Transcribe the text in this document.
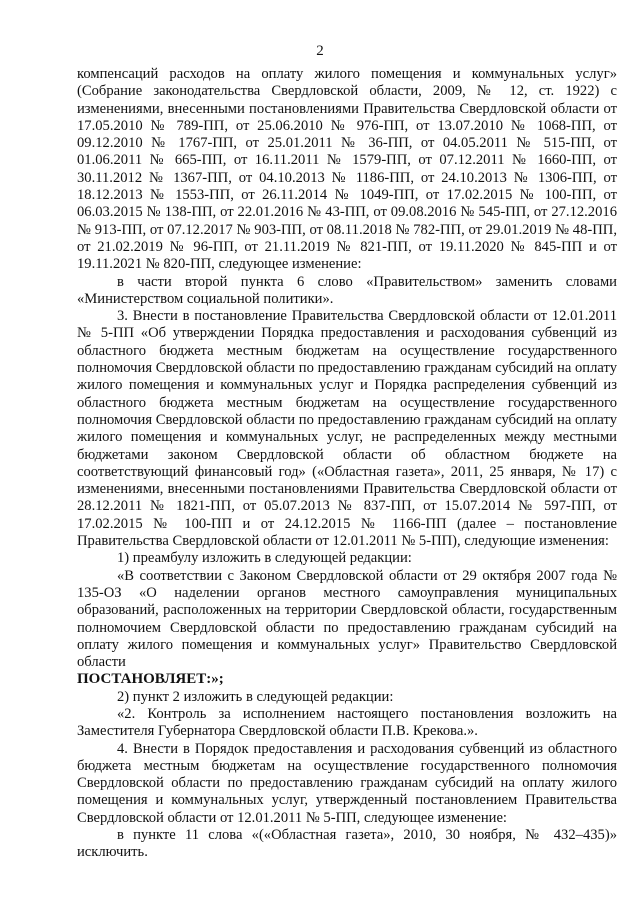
2

компенсаций расходов на оплату жилого помещения и коммунальных услуг» (Собрание законодательства Свердловской области, 2009, № 12, ст. 1922) с изменениями, внесенными постановлениями Правительства Свердловской области от 17.05.2010 № 789-ПП, от 25.06.2010 № 976-ПП, от 13.07.2010 № 1068-ПП, от 09.12.2010 № 1767-ПП, от 25.01.2011 № 36-ПП, от 04.05.2011 № 515-ПП, от 01.06.2011 № 665-ПП, от 16.11.2011 № 1579-ПП, от 07.12.2011 № 1660-ПП, от 30.11.2012 № 1367-ПП, от 04.10.2013 № 1186-ПП, от 24.10.2013 № 1306-ПП, от 18.12.2013 № 1553-ПП, от 26.11.2014 № 1049-ПП, от 17.02.2015 № 100-ПП, от 06.03.2015 № 138-ПП, от 22.01.2016 № 43-ПП, от 09.08.2016 № 545-ПП, от 27.12.2016 № 913-ПП, от 07.12.2017 № 903-ПП, от 08.11.2018 № 782-ПП, от 29.01.2019 № 48-ПП, от 21.02.2019 № 96-ПП, от 21.11.2019 № 821-ПП, от 19.11.2020 № 845-ПП и от 19.11.2021 № 820-ПП, следующее изменение:

в части второй пункта 6 слово «Правительством» заменить словами «Министерством социальной политики».

3. Внести в постановление Правительства Свердловской области от 12.01.2011 № 5-ПП «Об утверждении Порядка предоставления и расходования субвенций из областного бюджета местным бюджетам на осуществление государственного полномочия Свердловской области по предоставлению гражданам субсидий на оплату жилого помещения и коммунальных услуг и Порядка распределения субвенций из областного бюджета местным бюджетам на осуществление государственного полномочия Свердловской области по предоставлению гражданам субсидий на оплату жилого помещения и коммунальных услуг, не распределенных между местными бюджетами законом Свердловской области об областном бюджете на соответствующий финансовый год» («Областная газета», 2011, 25 января, № 17) с изменениями, внесенными постановлениями Правительства Свердловской области от 28.12.2011 № 1821-ПП, от 05.07.2013 № 837-ПП, от 15.07.2014 № 597-ПП, от 17.02.2015 № 100-ПП и от 24.12.2015 № 1166-ПП (далее – постановление Правительства Свердловской области от 12.01.2011 № 5-ПП), следующие изменения:

1) преамбулу изложить в следующей редакции:

«В соответствии с Законом Свердловской области от 29 октября 2007 года № 135-ОЗ «О наделении органов местного самоуправления муниципальных образований, расположенных на территории Свердловской области, государственным полномочием Свердловской области по предоставлению гражданам субсидий на оплату жилого помещения и коммунальных услуг» Правительство Свердловской области

ПОСТАНОВЛЯЕТ:»;

2) пункт 2 изложить в следующей редакции:

«2. Контроль за исполнением настоящего постановления возложить на Заместителя Губернатора Свердловской области П.В. Крекова.».

4. Внести в Порядок предоставления и расходования субвенций из областного бюджета местным бюджетам на осуществление государственного полномочия Свердловской области по предоставлению гражданам субсидий на оплату жилого помещения и коммунальных услуг, утвержденный постановлением Правительства Свердловской области от 12.01.2011 № 5-ПП, следующее изменение:

в пункте 11 слова «(«Областная газета», 2010, 30 ноября, № 432–435)» исключить.
